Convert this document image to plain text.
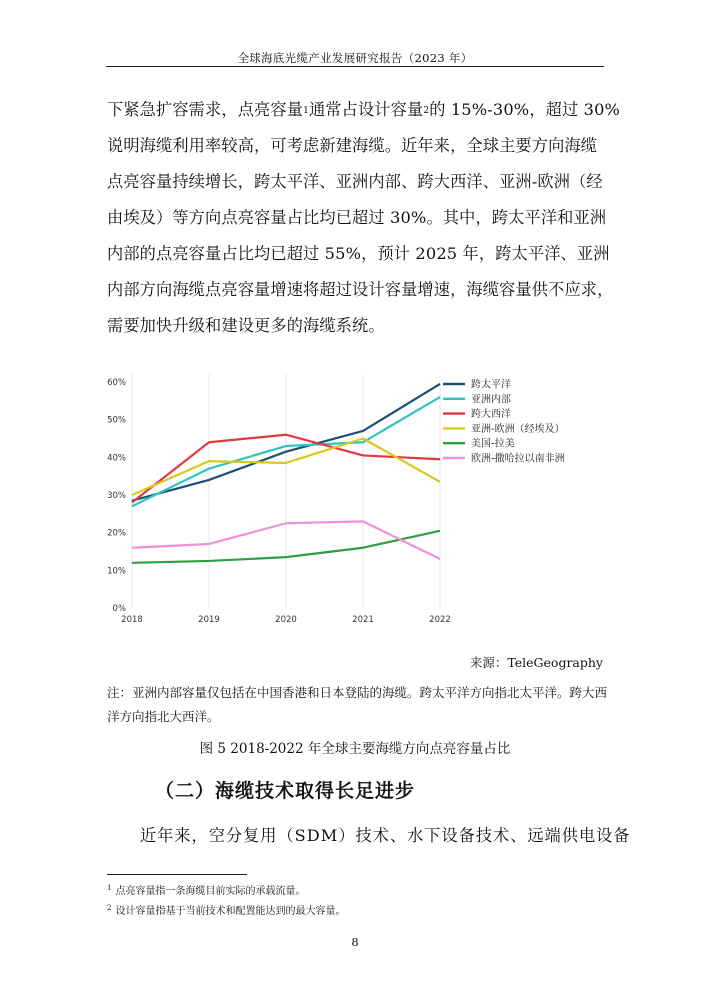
全球海底光缆产业发展研究报告（2023 年）
下紧急扩容需求，点亮容量$^1$通常占设计容量$^2$的 15%-30%，超过 30%
说明海缆利用率较高，可考虑新建海缆。近年来，全球主要方向海缆
点亮容量持续增长，跨太平洋、亚洲内部、跨大西洋、亚洲-欧洲（经
由埃及）等方向点亮容量占比均已超过 30%。其中，跨太平洋和亚洲
内部的点亮容量占比均已超过 55%，预计 2025 年，跨太平洋、亚洲
内部方向海缆点亮容量增速将超过设计容量增速，海缆容量供不应求，
需要加快升级和建设更多的海缆系统。
0%
10%
20%
30%
40%
50%
60%
2018	2019	2020	2021	2022
跨太平洋
亚洲内部
跨大西洋
亚洲-欧洲（经埃及）
美国-拉美
欧洲-撒哈拉以南非洲
来源：TeleGeography
注：亚洲内部容量仅包括在中国香港和日本登陆的海缆。跨太平洋方向指北太平洋。跨大西
洋方向指北大西洋。
图 5 2018-2022 年全球主要海缆方向点亮容量占比
（二）海缆技术取得长足进步
近年来，空分复用（SDM）技术、水下设备技术、远端供电设备
$^1$ 点亮容量指一条海缆目前实际的承载流量。
$^2$ 设计容量指基于当前技术和配置能达到的最大容量。
8
